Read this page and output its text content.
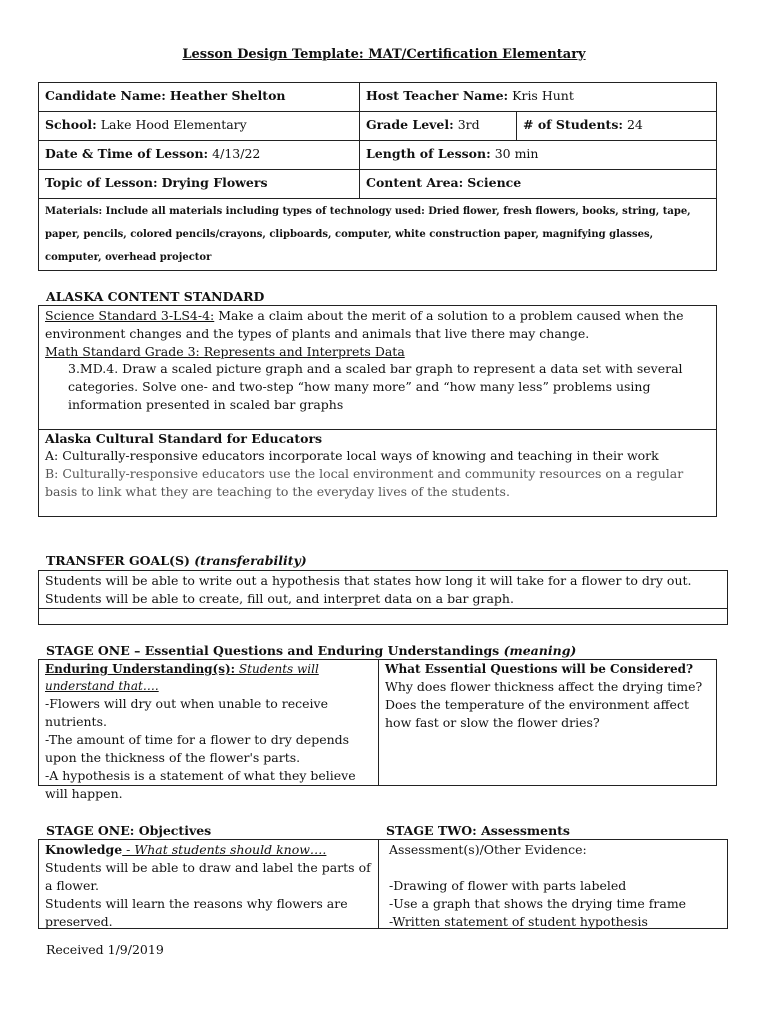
Lesson Design Template: MAT/Certification Elementary
Candidate Name: Heather Shelton	Host Teacher Name: Kris Hunt	
School: Lake Hood Elementary	Grade Level: 3rd	# of Students: 24
Date & Time of Lesson: 4/13/22	Length of Lesson: 30 min	
Topic of Lesson: Drying Flowers	Content Area: Science	
Materials: Include all materials including types of technology used: Dried flower, fresh flowers, books, string, tape, paper, pencils, colored pencils/crayons, clipboards, computer, white construction paper, magnifying glasses, computer, overhead projector		
ALASKA CONTENT STANDARD
Science Standard 3-LS4-4: Make a claim about the merit of a solution to a problem caused when the environment changes and the types of plants and animals that live there may change.
Math Standard Grade 3: Represents and Interprets Data
3.MD.4. Draw a scaled picture graph and a scaled bar graph to represent a data set with several categories. Solve one- and two-step “how many more” and “how many less” problems using information presented in scaled bar graphs
Alaska Cultural Standard for Educators
A: Culturally-responsive educators incorporate local ways of knowing and teaching in their work
B: Culturally-responsive educators use the local environment and community resources on a regular basis to link what they are teaching to the everyday lives of the students.
TRANSFER GOAL(S) (transferability)
Students will be able to write out a hypothesis that states how long it will take for a flower to dry out.
Students will be able to create, fill out, and interpret data on a bar graph.
STAGE ONE – Essential Questions and Enduring Understandings (meaning)
Enduring Understanding(s): Students will understand that….
-Flowers will dry out when unable to receive nutrients.
-The amount of time for a flower to dry depends upon the thickness of the flower's parts.
-A hypothesis is a statement of what they believe will happen.
What Essential Questions will be Considered?
Why does flower thickness affect the drying time? Does the temperature of the environment affect how fast or slow the flower dries?
STAGE ONE: Objectives	STAGE TWO: Assessments
Knowledge - What students should know….
Students will be able to draw and label the parts of a flower.
Students will learn the reasons why flowers are preserved.
Assessment(s)/Other Evidence:
-Drawing of flower with parts labeled
-Use a graph that shows the drying time frame
-Written statement of student hypothesis
Received 1/9/2019
